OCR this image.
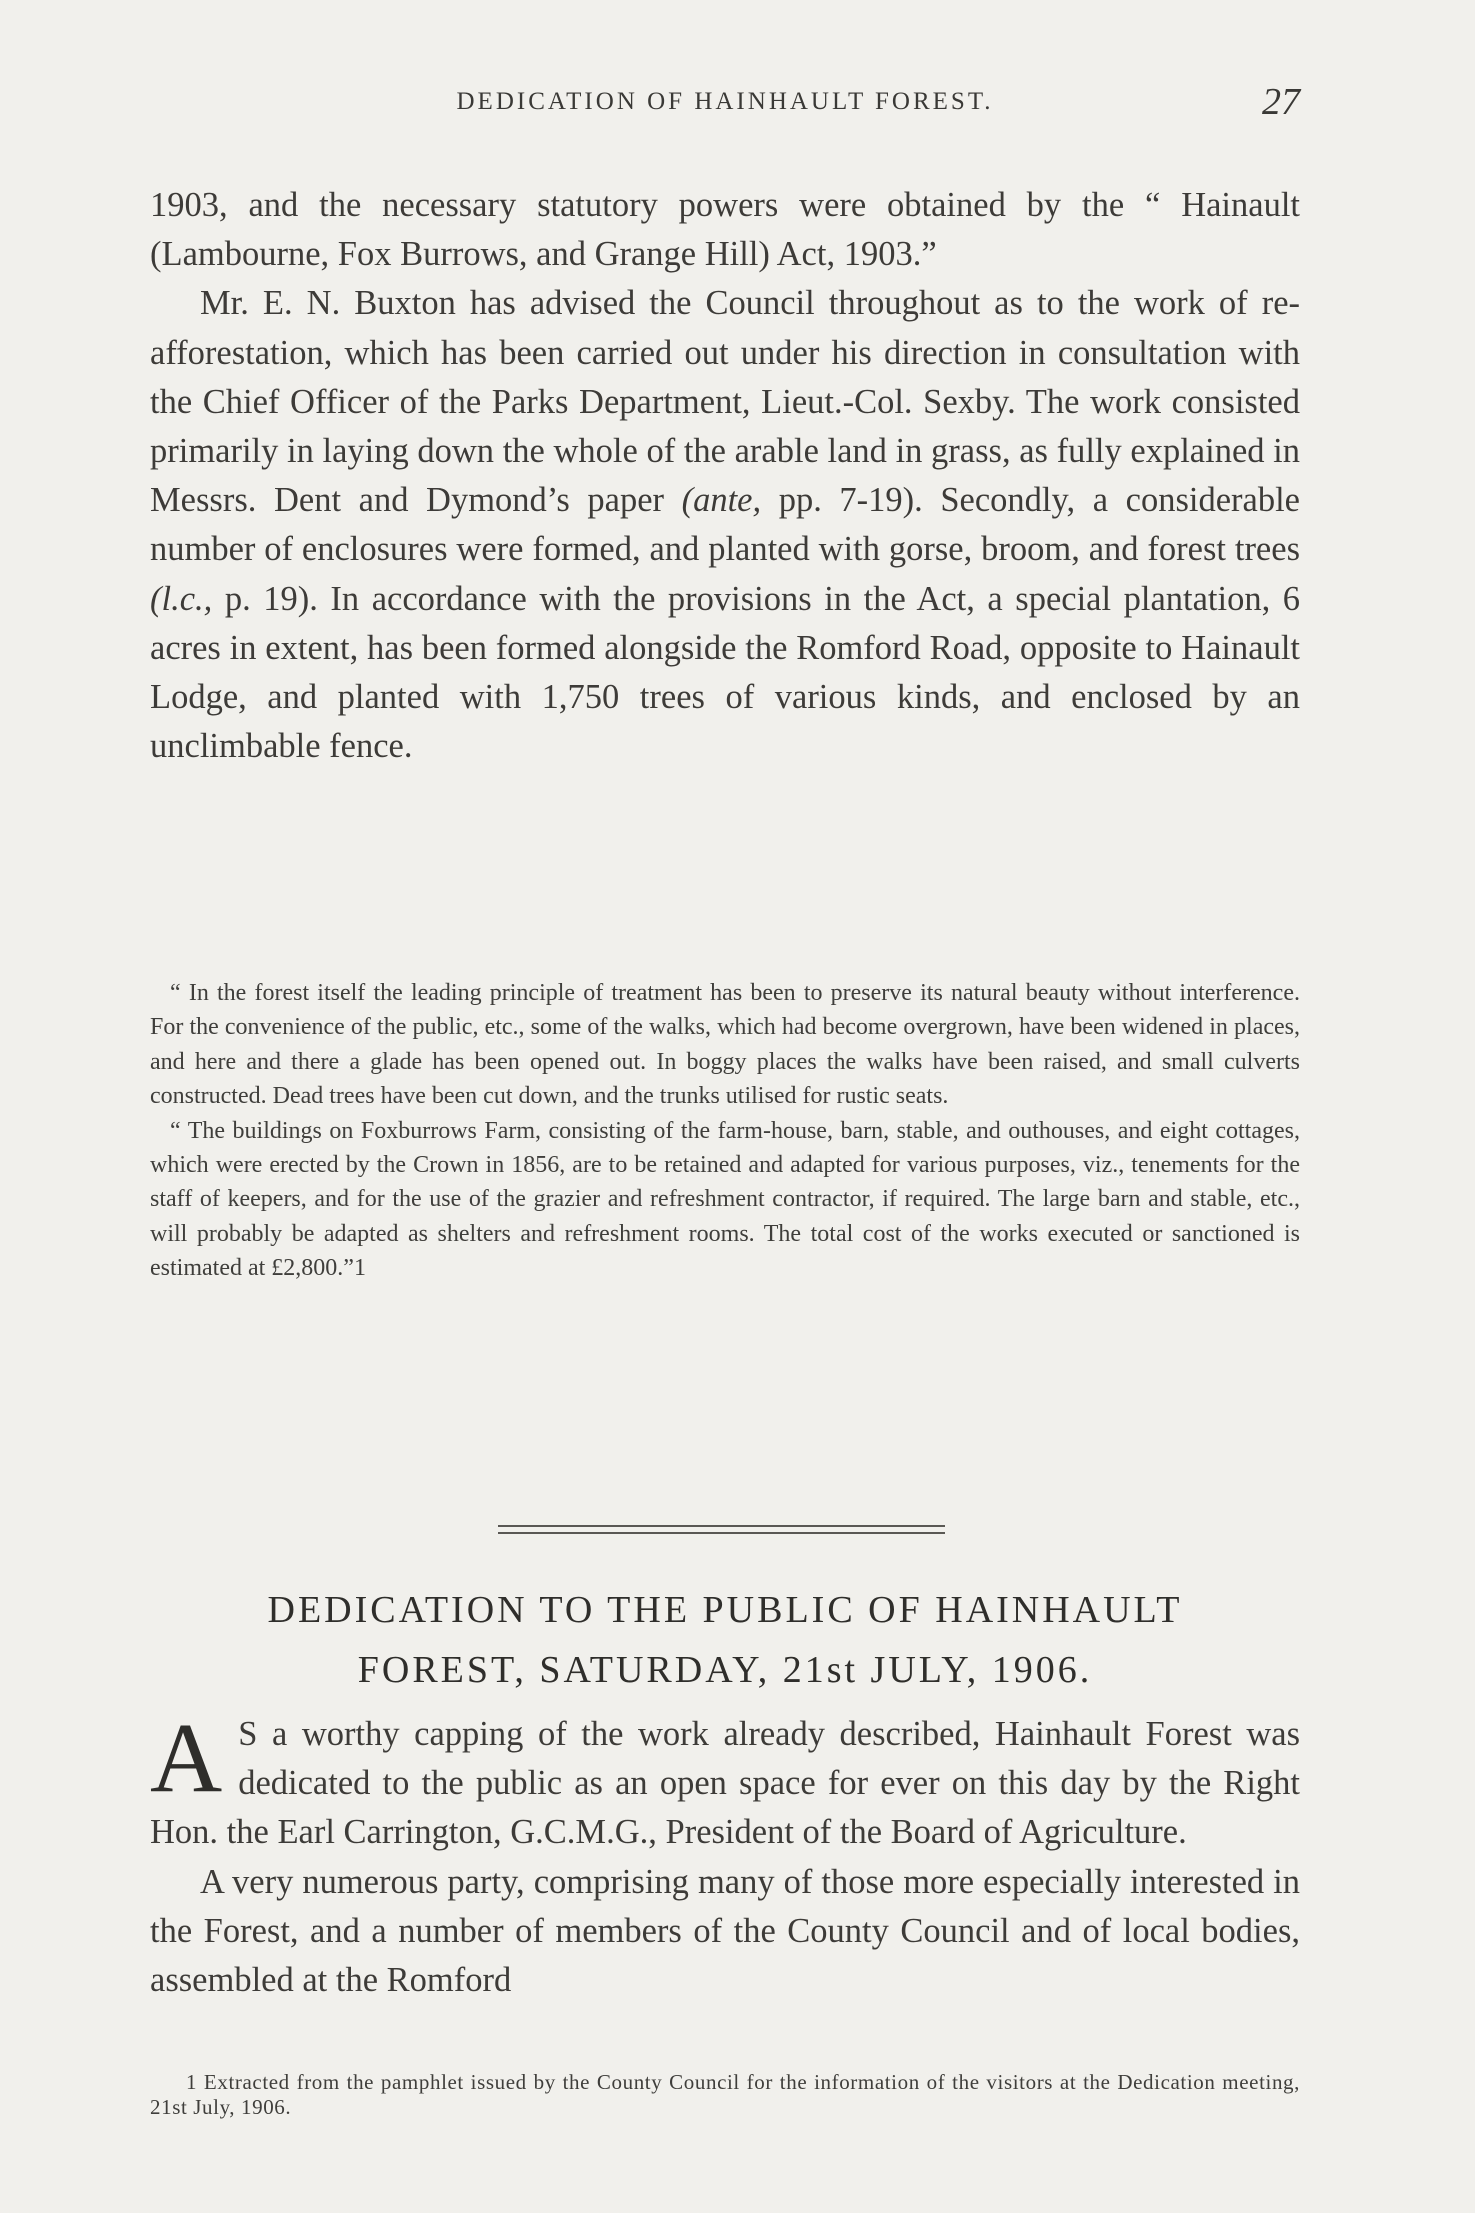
DEDICATION OF HAINHAULT FOREST.	27

1903, and the necessary statutory powers were obtained by the “ Hainault (Lambourne, Fox Burrows, and Grange Hill) Act, 1903.”

Mr. E. N. Buxton has advised the Council throughout as to the work of re-afforestation, which has been carried out under his direction in consultation with the Chief Officer of the Parks Department, Lieut.-Col. Sexby. The work consisted primarily in laying down the whole of the arable land in grass, as fully explained in Messrs. Dent and Dymond’s paper (ante, pp. 7-19). Secondly, a considerable number of enclosures were formed, and planted with gorse, broom, and forest trees (l.c., p. 19). In accordance with the provisions in the Act, a special plantation, 6 acres in extent, has been formed alongside the Romford Road, opposite to Hainault Lodge, and planted with 1,750 trees of various kinds, and enclosed by an unclimbable fence.

“ In the forest itself the leading principle of treatment has been to preserve its natural beauty without interference. For the convenience of the public, etc., some of the walks, which had become overgrown, have been widened in places, and here and there a glade has been opened out. In boggy places the walks have been raised, and small culverts constructed. Dead trees have been cut down, and the trunks utilised for rustic seats.

“ The buildings on Foxburrows Farm, consisting of the farm-house, barn, stable, and outhouses, and eight cottages, which were erected by the Crown in 1856, are to be retained and adapted for various purposes, viz., tenements for the staff of keepers, and for the use of the grazier and refreshment contractor, if required. The large barn and stable, etc., will probably be adapted as shelters and refreshment rooms. The total cost of the works executed or sanctioned is estimated at £2,800.”1

DEDICATION TO THE PUBLIC OF HAINHAULT
FOREST, SATURDAY, 21st JULY, 1906.

A S a worthy capping of the work already described, Hainhault Forest was dedicated to the public as an open space for ever on this day by the Right Hon. the Earl Carrington, G.C.M.G., President of the Board of Agriculture.

A very numerous party, comprising many of those more especially interested in the Forest, and a number of members of the County Council and of local bodies, assembled at the Romford

1 Extracted from the pamphlet issued by the County Council for the information of the visitors at the Dedication meeting, 21st July, 1906.
